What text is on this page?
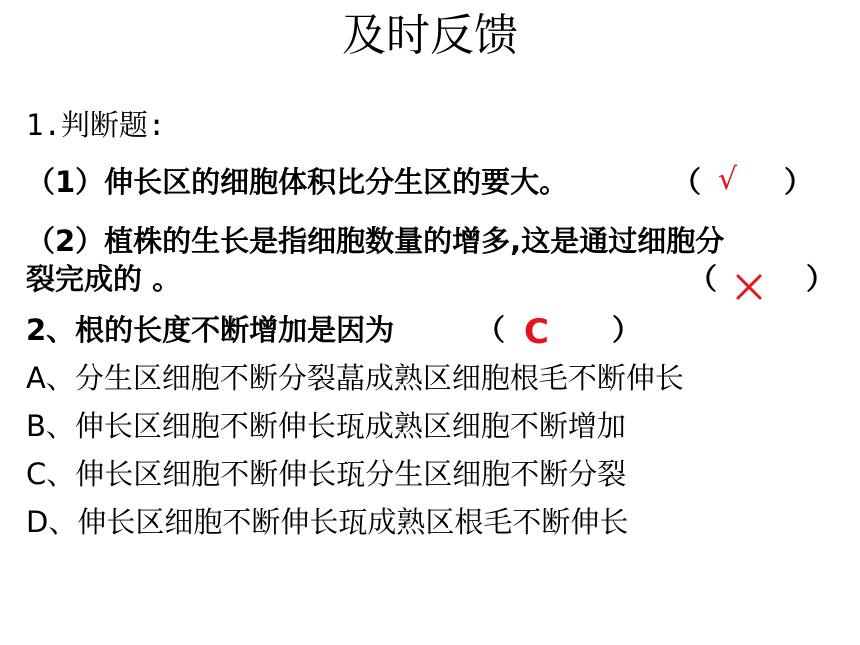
及时反馈
1.判断题:
（1）伸长区的细胞体积比分生区的要大。	（ √ ）
（2）植株的生长是指细胞数量的增多,这是通过细胞分
裂完成的 。	（	）
2、根的长度不断增加是因为	（ C ）
A、分生区细胞不断分裂蕌成熟区细胞根毛不断伸长
B、伸长区细胞不断伸长珁成熟区细胞不断增加
C、伸长区细胞不断伸长珁分生区细胞不断分裂
D、伸长区细胞不断伸长珁成熟区根毛不断伸长
